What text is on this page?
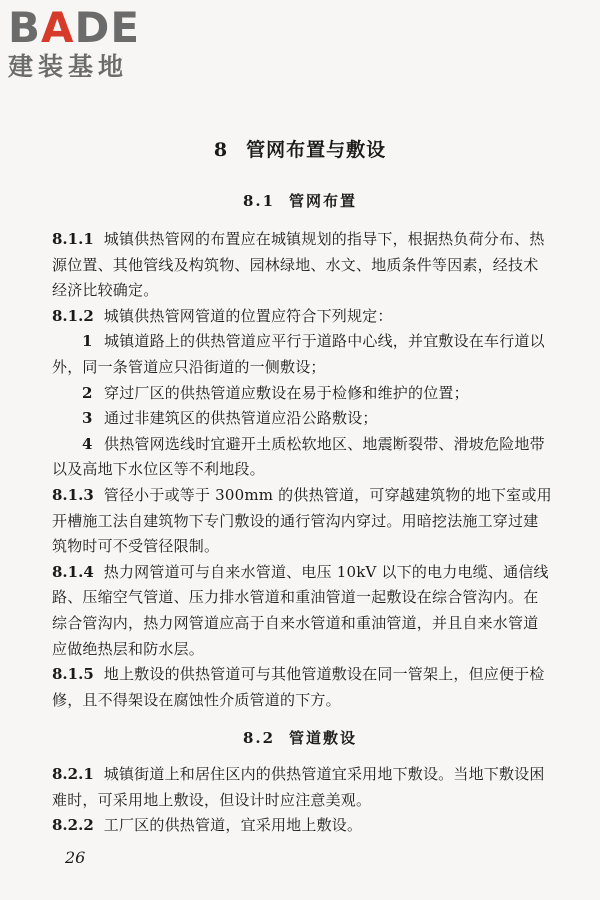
BADE
建装基地
8 管网布置与敷设
8.1 管网布置

8.1.1 城镇供热管网的布置应在城镇规划的指导下，根据热负荷分布、热源位置、其他管线及构筑物、园林绿地、水文、地质条件等因素，经技术经济比较确定。

8.1.2 城镇供热管网管道的位置应符合下列规定：

1 城镇道路上的供热管道应平行于道路中心线，并宜敷设在车行道以外，同一条管道应只沿街道的一侧敷设；

2 穿过厂区的供热管道应敷设在易于检修和维护的位置；

3 通过非建筑区的供热管道应沿公路敷设；

4 供热管网选线时宜避开土质松软地区、地震断裂带、滑坡危险地带以及高地下水位区等不利地段。

8.1.3 管径小于或等于 300mm 的供热管道，可穿越建筑物的地下室或用开槽施工法自建筑物下专门敷设的通行管沟内穿过。用暗挖法施工穿过建筑物时可不受管径限制。

8.1.4 热力网管道可与自来水管道、电压 10kV 以下的电力电缆、通信线路、压缩空气管道、压力排水管道和重油管道一起敷设在综合管沟内。在综合管沟内，热力网管道应高于自来水管道和重油管道，并且自来水管道应做绝热层和防水层。

8.1.5 地上敷设的供热管道可与其他管道敷设在同一管架上，但应便于检修，且不得架设在腐蚀性介质管道的下方。

8.2 管道敷设

8.2.1 城镇街道上和居住区内的供热管道宜采用地下敷设。当地下敷设困难时，可采用地上敷设，但设计时应注意美观。

8.2.2 工厂区的供热管道，宜采用地上敷设。

26
